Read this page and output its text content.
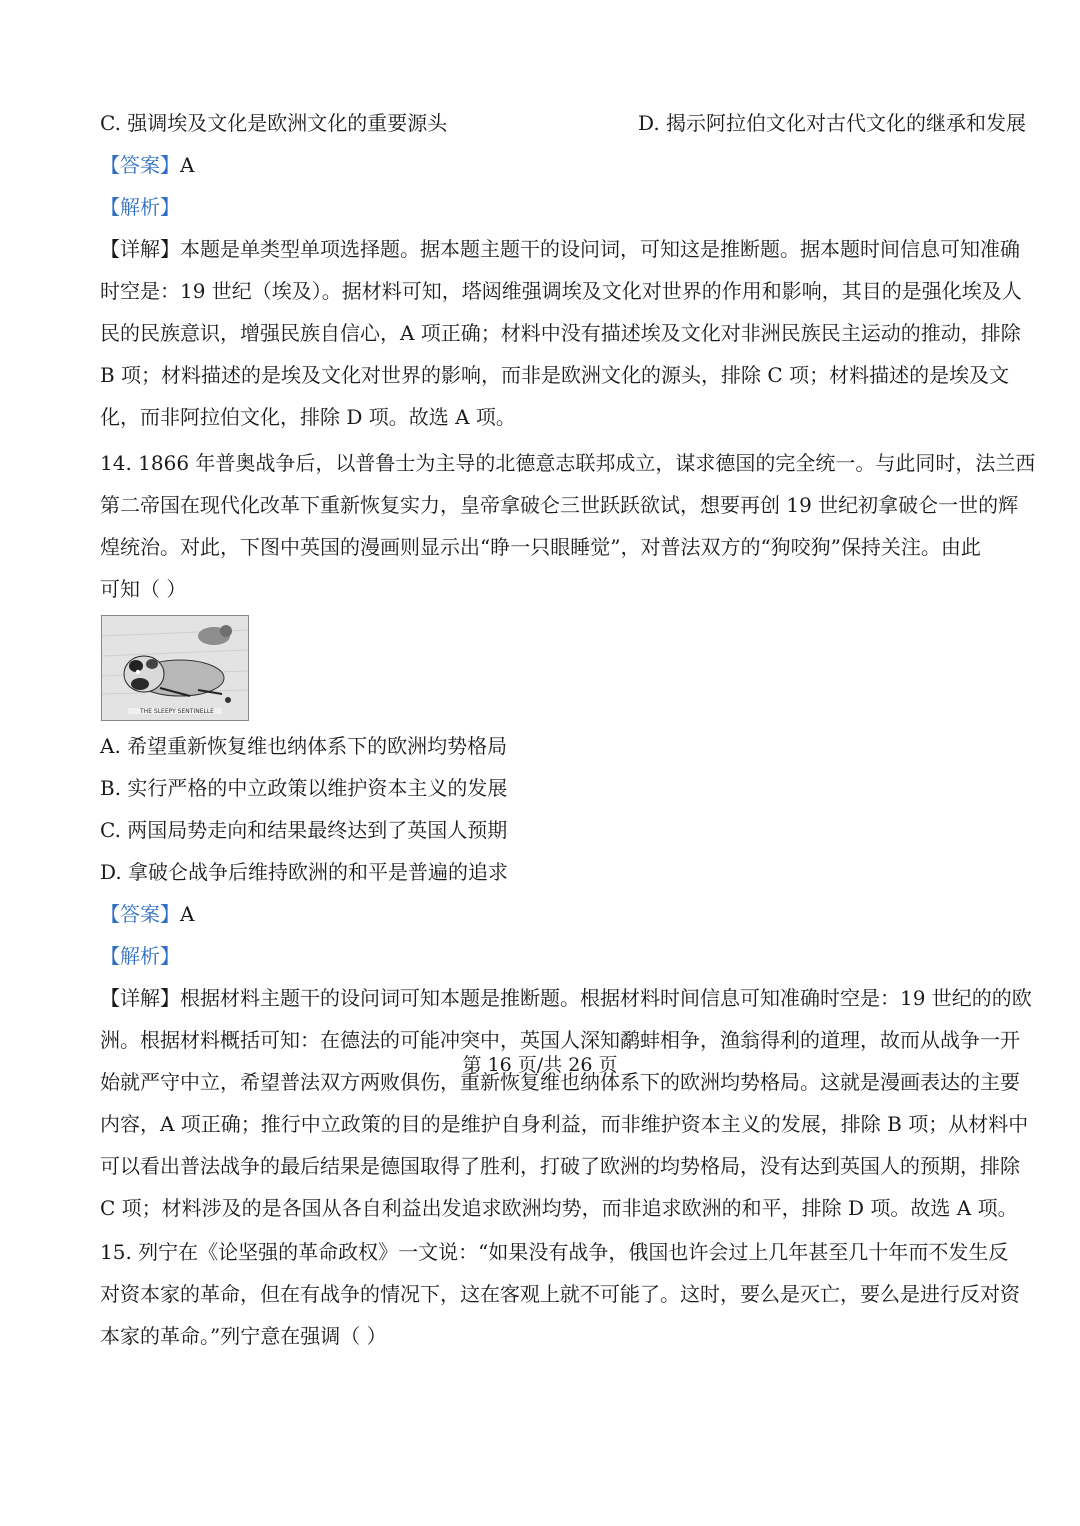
C. 强调埃及文化是欧洲文化的重要源头	D. 揭示阿拉伯文化对古代文化的继承和发展
【答案】A
【解析】
【详解】本题是单类型单项选择题。据本题主题干的设问词，可知这是推断题。据本题时间信息可知准确
时空是：19 世纪（埃及）。据材料可知，塔闼维强调埃及文化对世界的作用和影响，其目的是强化埃及人
民的民族意识，增强民族自信心，A 项正确；材料中没有描述埃及文化对非洲民族民主运动的推动，排除
B 项；材料描述的是埃及文化对世界的影响，而非是欧洲文化的源头，排除 C 项；材料描述的是埃及文
化，而非阿拉伯文化，排除 D 项。故选 A 项。
14. 1866 年普奥战争后，以普鲁士为主导的北德意志联邦成立，谋求德国的完全统一。与此同时，法兰西
第二帝国在现代化改革下重新恢复实力，皇帝拿破仑三世跃跃欲试，想要再创 19 世纪初拿破仑一世的辉
煌统治。对此，下图中英国的漫画则显示出“睁一只眼睡觉”，对普法双方的“狗咬狗”保持关注。由此
可知（ ）
THE SLEEPY SENTINELLE
A. 希望重新恢复维也纳体系下的欧洲均势格局
B. 实行严格的中立政策以维护资本主义的发展
C. 两国局势走向和结果最终达到了英国人预期
D. 拿破仑战争后维持欧洲的和平是普遍的追求
【答案】A
【解析】
【详解】根据材料主题干的设问词可知本题是推断题。根据材料时间信息可知准确时空是：19 世纪的的欧
洲。根据材料概括可知：在德法的可能冲突中，英国人深知鹬蚌相争，渔翁得利的道理，故而从战争一开
始就严守中立，希望普法双方两败俱伤，重新恢复维也纳体系下的欧洲均势格局。这就是漫画表达的主要
内容，A 项正确；推行中立政策的目的是维护自身利益，而非维护资本主义的发展，排除 B 项；从材料中
可以看出普法战争的最后结果是德国取得了胜利，打破了欧洲的均势格局，没有达到英国人的预期，排除
C 项；材料涉及的是各国从各自利益出发追求欧洲均势，而非追求欧洲的和平，排除 D 项。故选 A 项。
15. 列宁在《论坚强的革命政权》一文说：“如果没有战争，俄国也许会过上几年甚至几十年而不发生反
对资本家的革命，但在有战争的情况下，这在客观上就不可能了。这时，要么是灭亡，要么是进行反对资
本家的革命。”列宁意在强调（ ）
第 16 页/共 26 页
